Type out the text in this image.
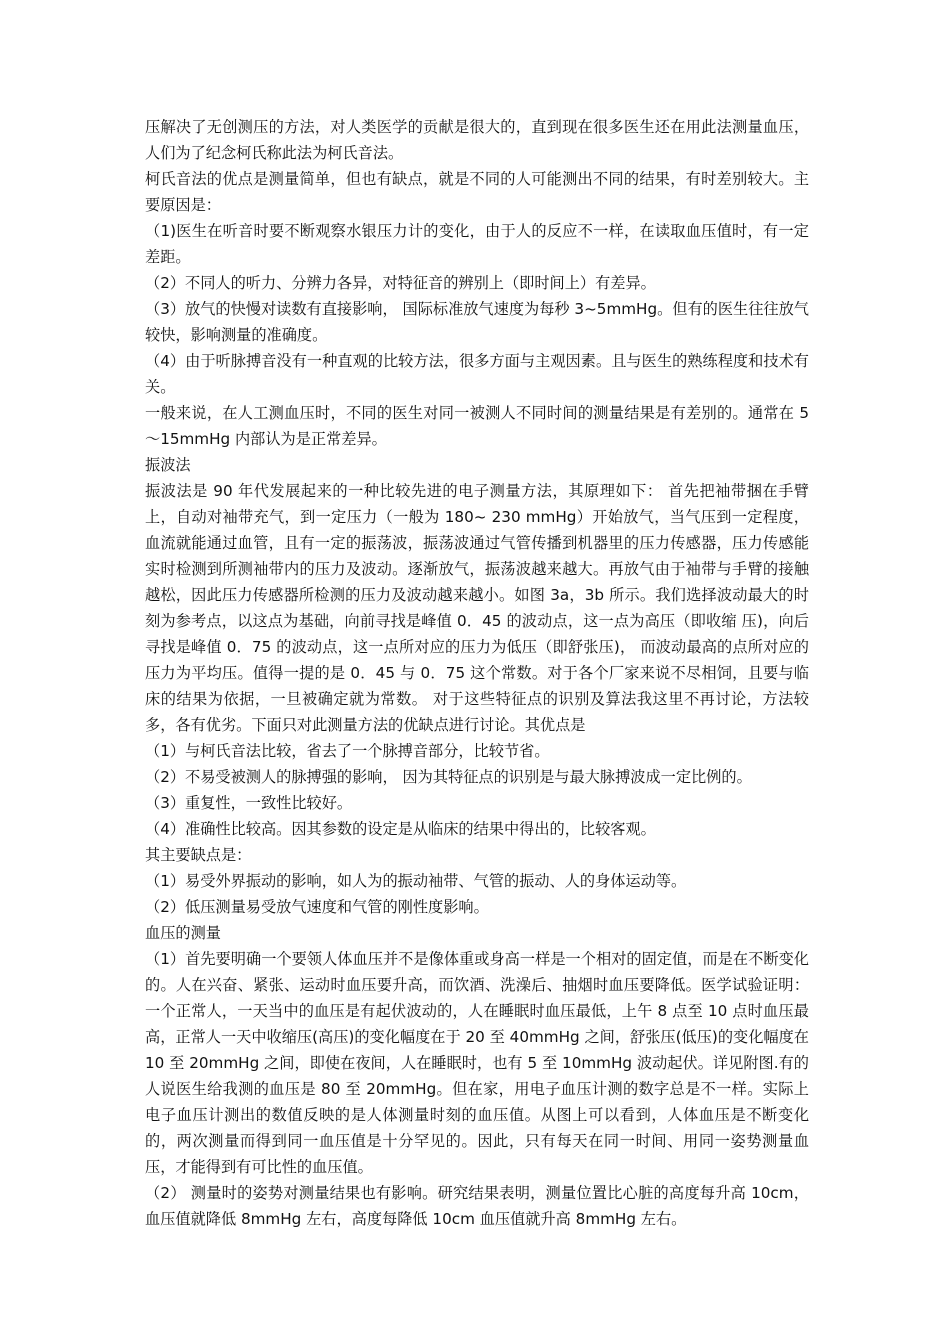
压解决了无创测压的方法，对人类医学的贡献是很大的，直到现在很多医生还在用此法测量血压，人们为了纪念柯氏称此法为柯氏音法。

柯氏音法的优点是测量简单，但也有缺点，就是不同的人可能测出不同的结果，有时差别较大。主要原因是：

（1)医生在听音时要不断观察水银压力计的变化，由于人的反应不一样，在读取血压值时，有一定差距。

（2）不同人的听力、分辨力各异，对特征音的辨别上（即时间上）有差异。

（3）放气的快慢对读数有直接影响， 国际标准放气速度为每秒 3~5mmHg。但有的医生往往放气较快，影响测量的准确度。

（4）由于听脉搏音没有一种直观的比较方法，很多方面与主观因素。且与医生的熟练程度和技术有关。

一般来说，在人工测血压时，不同的医生对同一被测人不同时间的测量结果是有差别的。通常在 5～15mmHg 内部认为是正常差异。

振波法

振波法是 90 年代发展起来的一种比较先进的电子测量方法，其原理如下： 首先把袖带捆在手臂上，自动对袖带充气，到一定压力（一般为 180~ 230 mmHg）开始放气，当气压到一定程度，血流就能通过血管，且有一定的振荡波，振荡波通过气管传播到机器里的压力传感器，压力传感能实时检测到所测袖带内的压力及波动。逐渐放气，振荡波越来越大。再放气由于袖带与手臂的接触越松，因此压力传感器所检测的压力及波动越来越小。如图 3a，3b 所示。我们选择波动最大的时刻为参考点，以这点为基础，向前寻找是峰值 0．45 的波动点，这一点为高压（即收缩 压)，向后寻找是峰值 0．75 的波动点，这一点所对应的压力为低压（即舒张压)， 而波动最高的点所对应的压力为平均压。值得一提的是 0．45 与 0．75 这个常数。对于各个厂家来说不尽相饲，且要与临床的结果为依据，一旦被确定就为常数。 对于这些特征点的识别及算法我这里不再讨论，方法较多，各有优劣。下面只对此测量方法的优缺点进行讨论。其优点是

（1）与柯氏音法比较，省去了一个脉搏音部分，比较节省。

（2）不易受被测人的脉搏强的影响， 因为其特征点的识别是与最大脉搏波成一定比例的。

（3）重复性，一致性比较好。

（4）准确性比较高。因其参数的设定是从临床的结果中得出的，比较客观。

其主要缺点是：

（1）易受外界振动的影响，如人为的振动袖带、气管的振动、人的身体运动等。

（2）低压测量易受放气速度和气管的刚性度影响。

血压的测量

（1）首先要明确一个要领人体血压并不是像体重或身高一样是一个相对的固定值，而是在不断变化的。人在兴奋、紧张、运动时血压要升高，而饮酒、洗澡后、抽烟时血压要降低。医学试验证明：一个正常人，一天当中的血压是有起伏波动的，人在睡眠时血压最低，上午 8 点至 10 点时血压最高，正常人一天中收缩压(高压)的变化幅度在于 20 至 40mmHg 之间，舒张压(低压)的变化幅度在 10 至 20mmHg 之间，即使在夜间，人在睡眠时，也有 5 至 10mmHg 波动起伏。详见附图.有的人说医生给我测的血压是 80 至 20mmHg。但在家，用电子血压计测的数字总是不一样。实际上电子血压计测出的数值反映的是人体测量时刻的血压值。从图上可以看到，人体血压是不断变化的，两次测量而得到同一血压值是十分罕见的。因此，只有每天在同一时间、用同一姿势测量血压，才能得到有可比性的血压值。

（2） 测量时的姿势对测量结果也有影响。研究结果表明，测量位置比心脏的高度每升高 10cm，血压值就降低 8mmHg 左右，高度每降低 10cm 血压值就升高 8mmHg 左右。
